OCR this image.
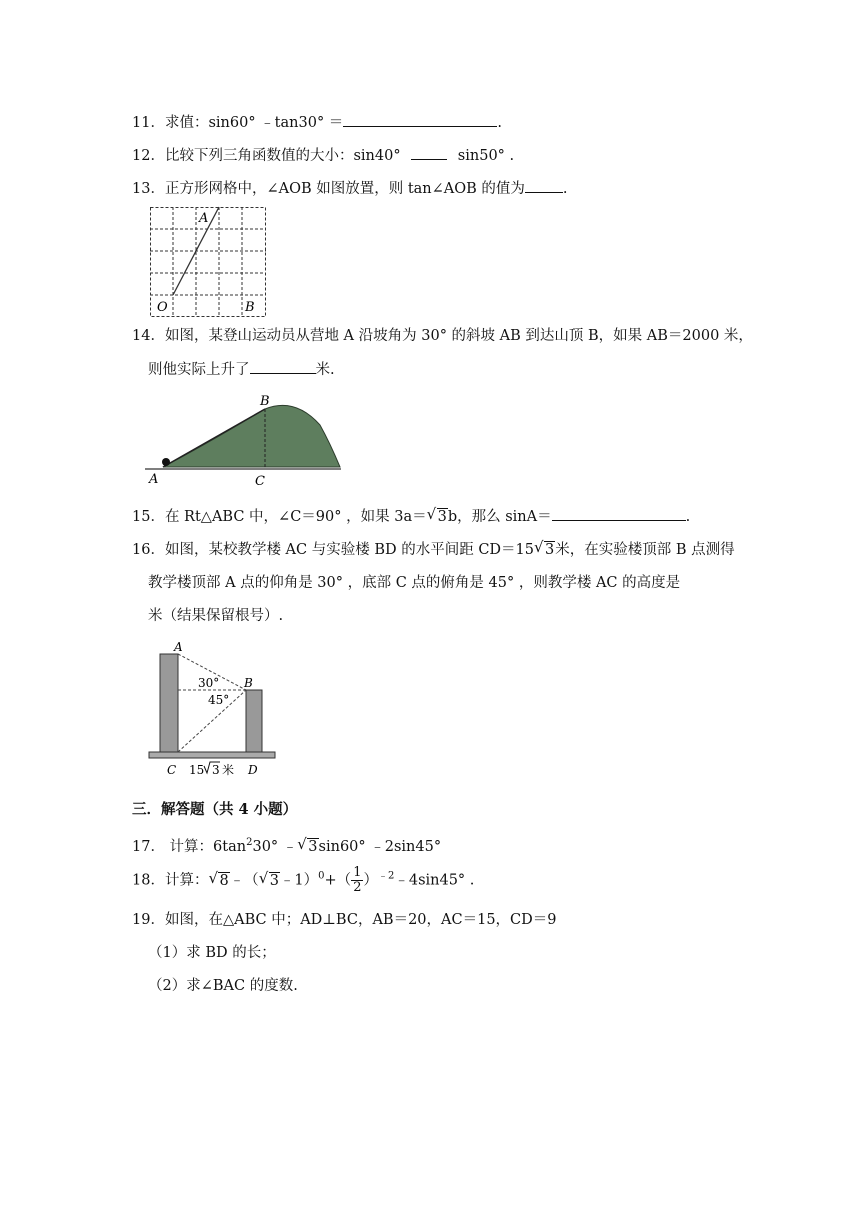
11．求值：sin60° ﹣tan30° ＝	.
12．比较下列三角函数值的大小：sin40°	sin50° .
13．正方形网格中，∠AOB 如图放置，则 tan∠AOB 的值为	.
A
O	B
14．如图，某登山运动员从营地 A 沿坡角为 30° 的斜坡 AB 到达山顶 B，如果 AB＝2000 米，
则他实际上升了	米.
B
A	C
15．在 Rt△ABC 中，∠C＝90° ，如果 3a＝ √ 3b，那么 sinA＝	.
16．如图，某校教学楼 AC 与实验楼 BD 的水平间距 CD＝15 √ 3米，在实验楼顶部 B 点测得
教学楼顶部 A 点的仰角是 30° ，底部 C 点的俯角是 45° ，则教学楼 AC 的高度是
米（结果保留根号）.
A
B
30°
45°
C	D
15 3 米
三．解答题（共 4 小题）
17． 计算：$6\tan^230^\circ$ ﹣ √ 3sin60° ﹣2sin45°
18．计算： √ 8﹣（ √ 3﹣1）$^0$+（ $\frac{1}{2}$ ）$^{﹣2}$﹣4sin45° .
19．如图，在△ABC 中；AD⊥BC，AB＝20，AC＝15，CD＝9
（1）求 BD 的长；
（2）求∠BAC 的度数.
